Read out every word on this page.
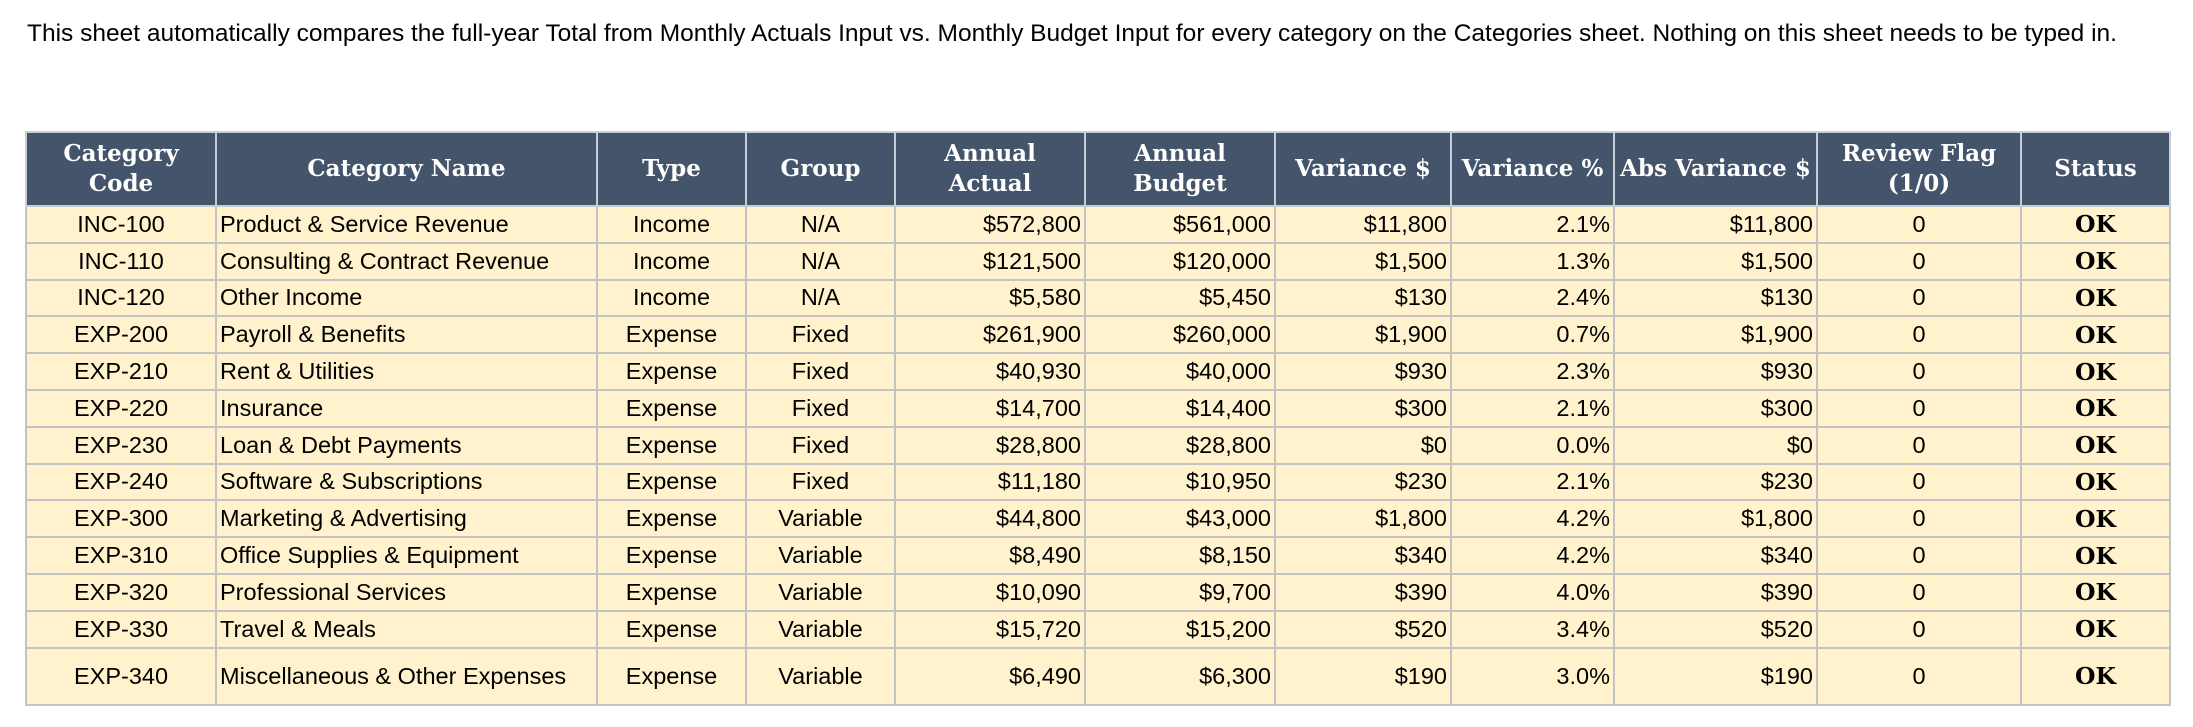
This sheet automatically compares the full-year Total from Monthly Actuals Input vs. Monthly Budget Input for every category on the Categories sheet. Nothing on this sheet needs to be typed in.
Category Code	Category Name	Type	Group	Annual Actual	Annual Budget	Variance $	Variance %	Abs Variance $	Review Flag (1/0)	Status
INC-100	Product & Service Revenue	Income	N/A	$572,800	$561,000	$11,800	2.1%	$11,800	0	OK
INC-110	Consulting & Contract Revenue	Income	N/A	$121,500	$120,000	$1,500	1.3%	$1,500	0	OK
INC-120	Other Income	Income	N/A	$5,580	$5,450	$130	2.4%	$130	0	OK
EXP-200	Payroll & Benefits	Expense	Fixed	$261,900	$260,000	$1,900	0.7%	$1,900	0	OK
EXP-210	Rent & Utilities	Expense	Fixed	$40,930	$40,000	$930	2.3%	$930	0	OK
EXP-220	Insurance	Expense	Fixed	$14,700	$14,400	$300	2.1%	$300	0	OK
EXP-230	Loan & Debt Payments	Expense	Fixed	$28,800	$28,800	$0	0.0%	$0	0	OK
EXP-240	Software & Subscriptions	Expense	Fixed	$11,180	$10,950	$230	2.1%	$230	0	OK
EXP-300	Marketing & Advertising	Expense	Variable	$44,800	$43,000	$1,800	4.2%	$1,800	0	OK
EXP-310	Office Supplies & Equipment	Expense	Variable	$8,490	$8,150	$340	4.2%	$340	0	OK
EXP-320	Professional Services	Expense	Variable	$10,090	$9,700	$390	4.0%	$390	0	OK
EXP-330	Travel & Meals	Expense	Variable	$15,720	$15,200	$520	3.4%	$520	0	OK
EXP-340	Miscellaneous & Other Expenses	Expense	Variable	$6,490	$6,300	$190	3.0%	$190	0	OK
